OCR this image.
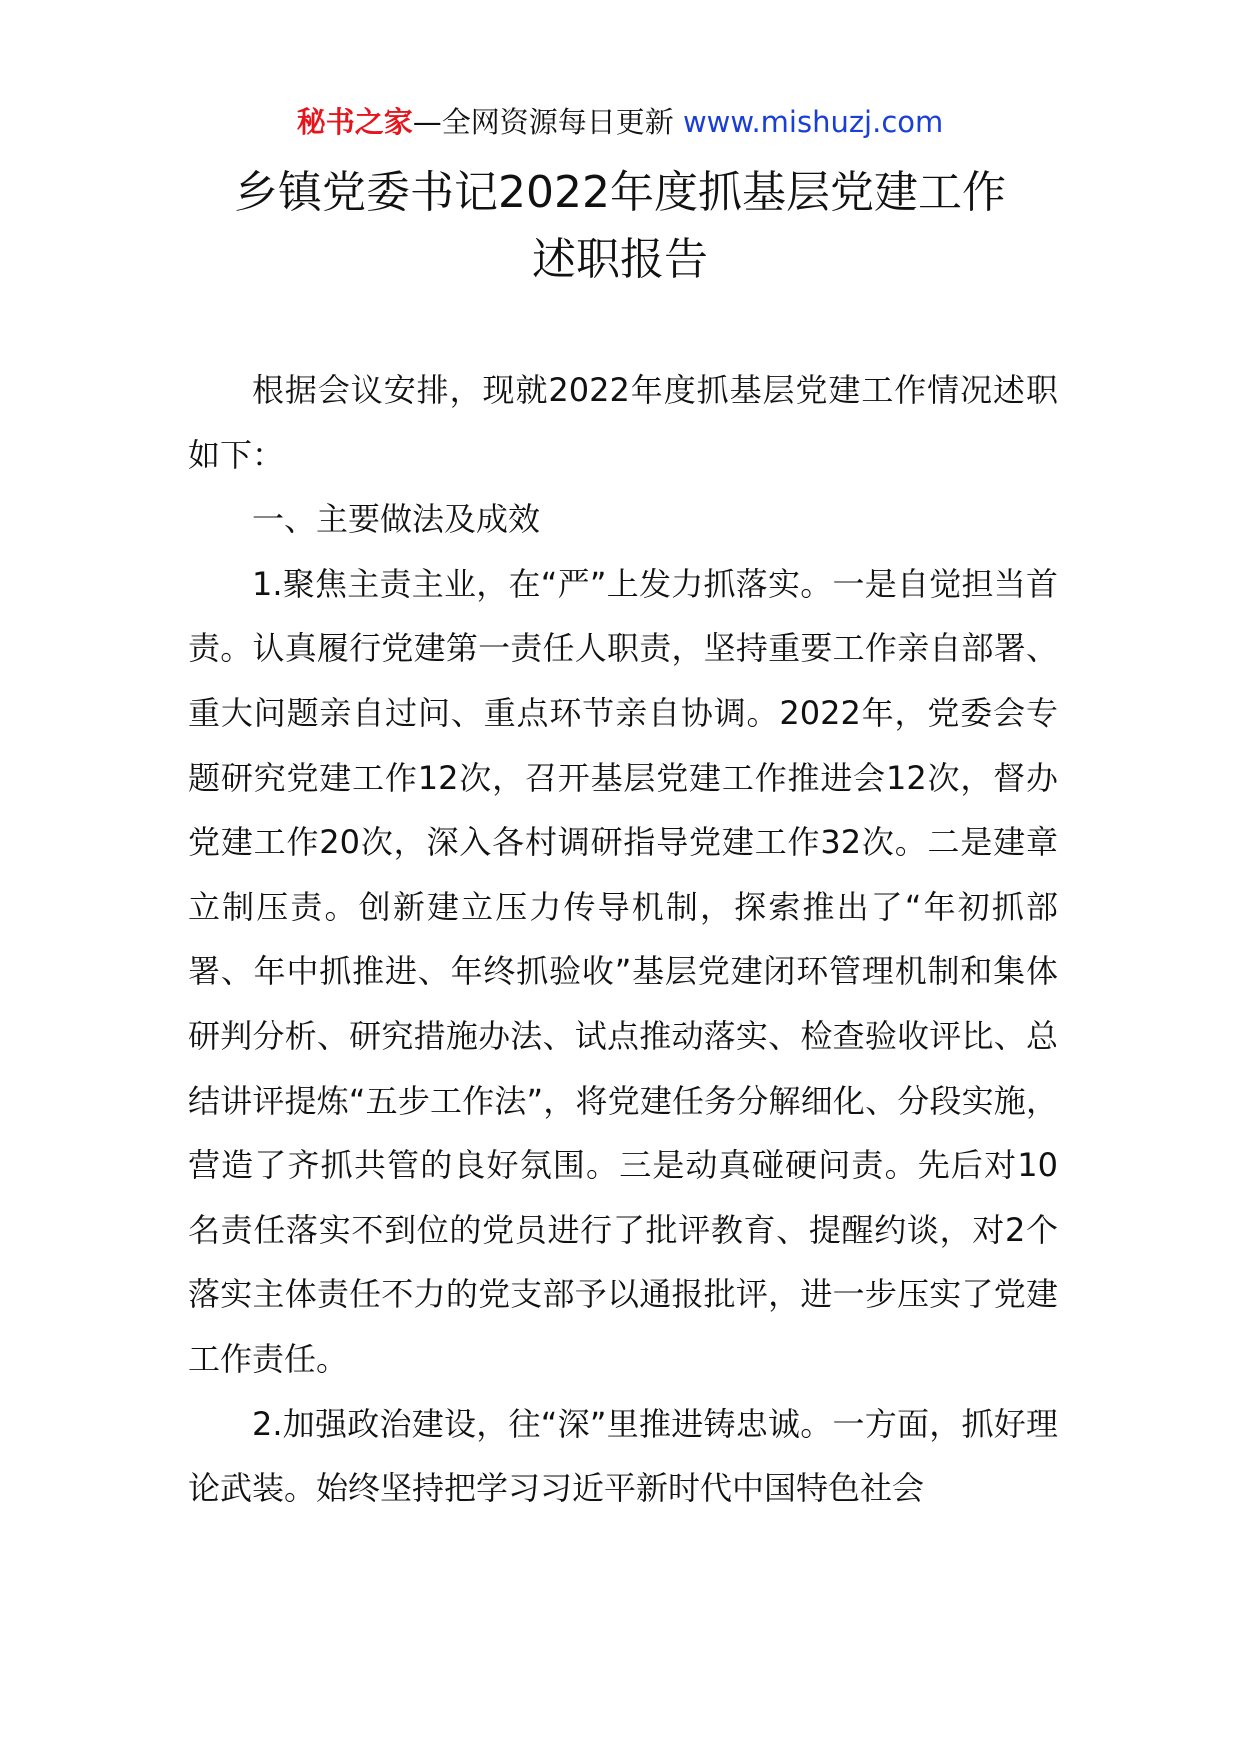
秘书之家—全网资源每日更新 www.mishuzj.com
乡镇党委书记2022年度抓基层党建工作
述职报告

根据会议安排，现就2022年度抓基层党建工作情况述职如下：

一、主要做法及成效

1.聚焦主责主业，在“严”上发力抓落实。一是自觉担当首责。认真履行党建第一责任人职责，坚持重要工作亲自部署、重大问题亲自过问、重点环节亲自协调。2022年，党委会专题研究党建工作12次，召开基层党建工作推进会12次，督办党建工作20次，深入各村调研指导党建工作32次。二是建章立制压责。创新建立压力传导机制，探索推出了“年初抓部署、年中抓推进、年终抓验收”基层党建闭环管理机制和集体研判分析、研究措施办法、试点推动落实、检查验收评比、总结讲评提炼“五步工作法”，将党建任务分解细化、分段实施，营造了齐抓共管的良好氛围。三是动真碰硬问责。先后对10名责任落实不到位的党员进行了批评教育、提醒约谈，对2个落实主体责任不力的党支部予以通报批评，进一步压实了党建工作责任。

2.加强政治建设，往“深”里推进铸忠诚。一方面，抓好理论武装。始终坚持把学习习近平新时代中国特色社会
